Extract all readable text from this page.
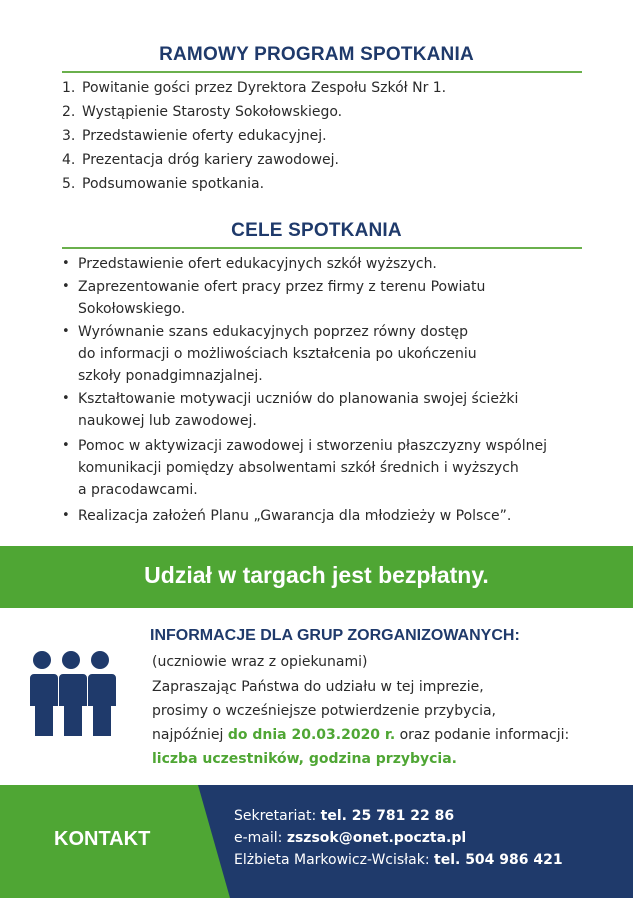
RAMOWY PROGRAM SPOTKANIA
1. Powitanie gości przez Dyrektora Zespołu Szkół Nr 1.
2. Wystąpienie Starosty Sokołowskiego.
3. Przedstawienie oferty edukacyjnej.
4. Prezentacja dróg kariery zawodowej.
5. Podsumowanie spotkania.
CELE SPOTKANIA
• Przedstawienie ofert edukacyjnych szkół wyższych.
• Zaprezentowanie ofert pracy przez firmy z terenu Powiatu
Sokołowskiego.
• Wyrównanie szans edukacyjnych poprzez równy dostęp
do informacji o możliwościach kształcenia po ukończeniu
szkoły ponadgimnazjalnej.
• Kształtowanie motywacji uczniów do planowania swojej ścieżki
naukowej lub zawodowej.
• Pomoc w aktywizacji zawodowej i stworzeniu płaszczyzny wspólnej
komunikacji pomiędzy absolwentami szkół średnich i wyższych
a pracodawcami.
• Realizacja założeń Planu „Gwarancja dla młodzieży w Polsce”.
Udział w targach jest bezpłatny.
INFORMACJE DLA GRUP ZORGANIZOWANYCH:
(uczniowie wraz z opiekunami)
Zapraszając Państwa do udziału w tej imprezie,
prosimy o wcześniejsze potwierdzenie przybycia,
najpóźniej do dnia 20.03.2020 r. oraz podanie informacji:
liczba uczestników, godzina przybycia.
KONTAKT
Sekretariat: tel. 25 781 22 86
e-mail: zszsok@onet.poczta.pl
Elżbieta Markowicz-Wcisłak: tel. 504 986 421
